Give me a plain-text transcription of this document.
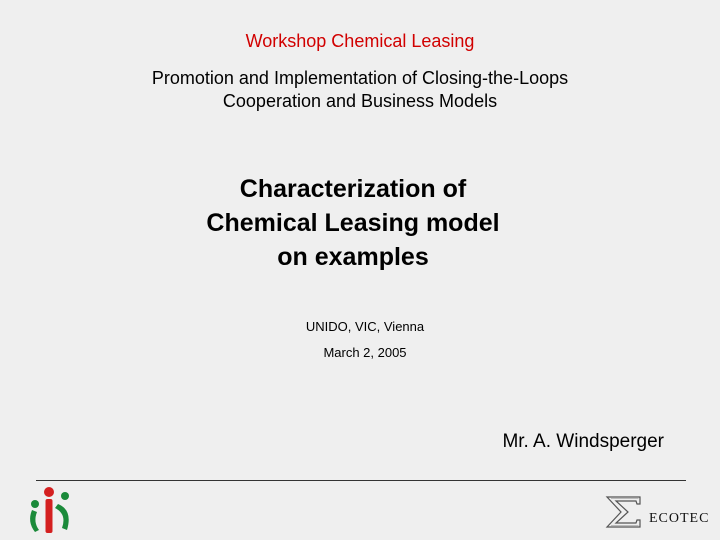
Workshop Chemical Leasing
Promotion and Implementation of Closing-the-Loops
Cooperation and Business Models
Characterization of
Chemical Leasing model
on examples
UNIDO, VIC, Vienna
March 2, 2005
Mr. A. Windsperger
ECOTEC
